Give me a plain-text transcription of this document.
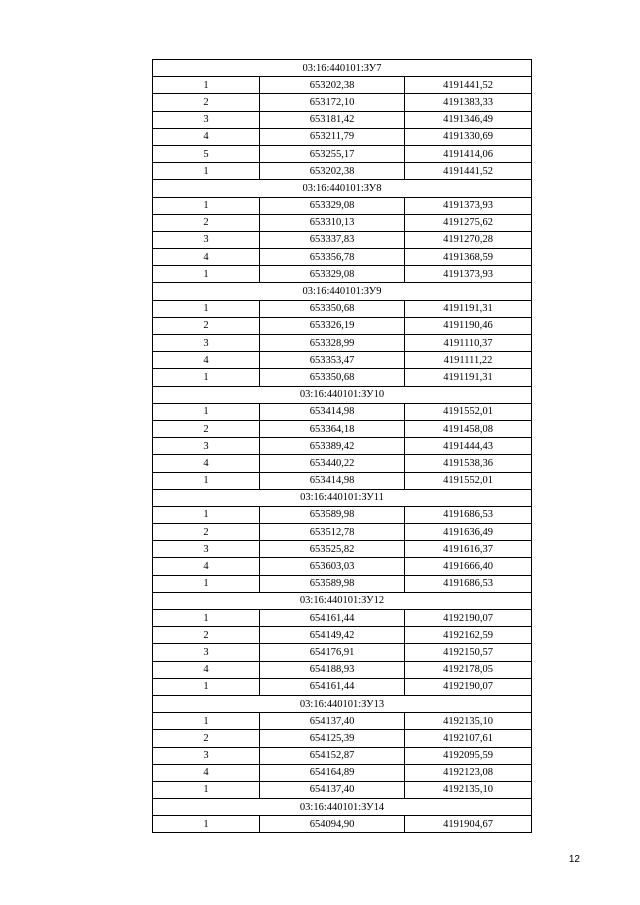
03:16:440101:ЗУ7		
1	653202,38	4191441,52
2	653172,10	4191383,33
3	653181,42	4191346,49
4	653211,79	4191330,69
5	653255,17	4191414,06
1	653202,38	4191441,52
03:16:440101:ЗУ8		
1	653329,08	4191373,93
2	653310,13	4191275,62
3	653337,83	4191270,28
4	653356,78	4191368,59
1	653329,08	4191373,93
03:16:440101:ЗУ9		
1	653350,68	4191191,31
2	653326,19	4191190,46
3	653328,99	4191110,37
4	653353,47	4191111,22
1	653350,68	4191191,31
03:16:440101:ЗУ10		
1	653414,98	4191552,01
2	653364,18	4191458,08
3	653389,42	4191444,43
4	653440,22	4191538,36
1	653414,98	4191552,01
03:16:440101:ЗУ11		
1	653589,98	4191686,53
2	653512,78	4191636,49
3	653525,82	4191616,37
4	653603,03	4191666,40
1	653589,98	4191686,53
03:16:440101:ЗУ12		
1	654161,44	4192190,07
2	654149,42	4192162,59
3	654176,91	4192150,57
4	654188,93	4192178,05
1	654161,44	4192190,07
03:16:440101:ЗУ13		
1	654137,40	4192135,10
2	654125,39	4192107,61
3	654152,87	4192095,59
4	654164,89	4192123,08
1	654137,40	4192135,10
03:16:440101:ЗУ14		
1	654094,90	4191904,67
12
